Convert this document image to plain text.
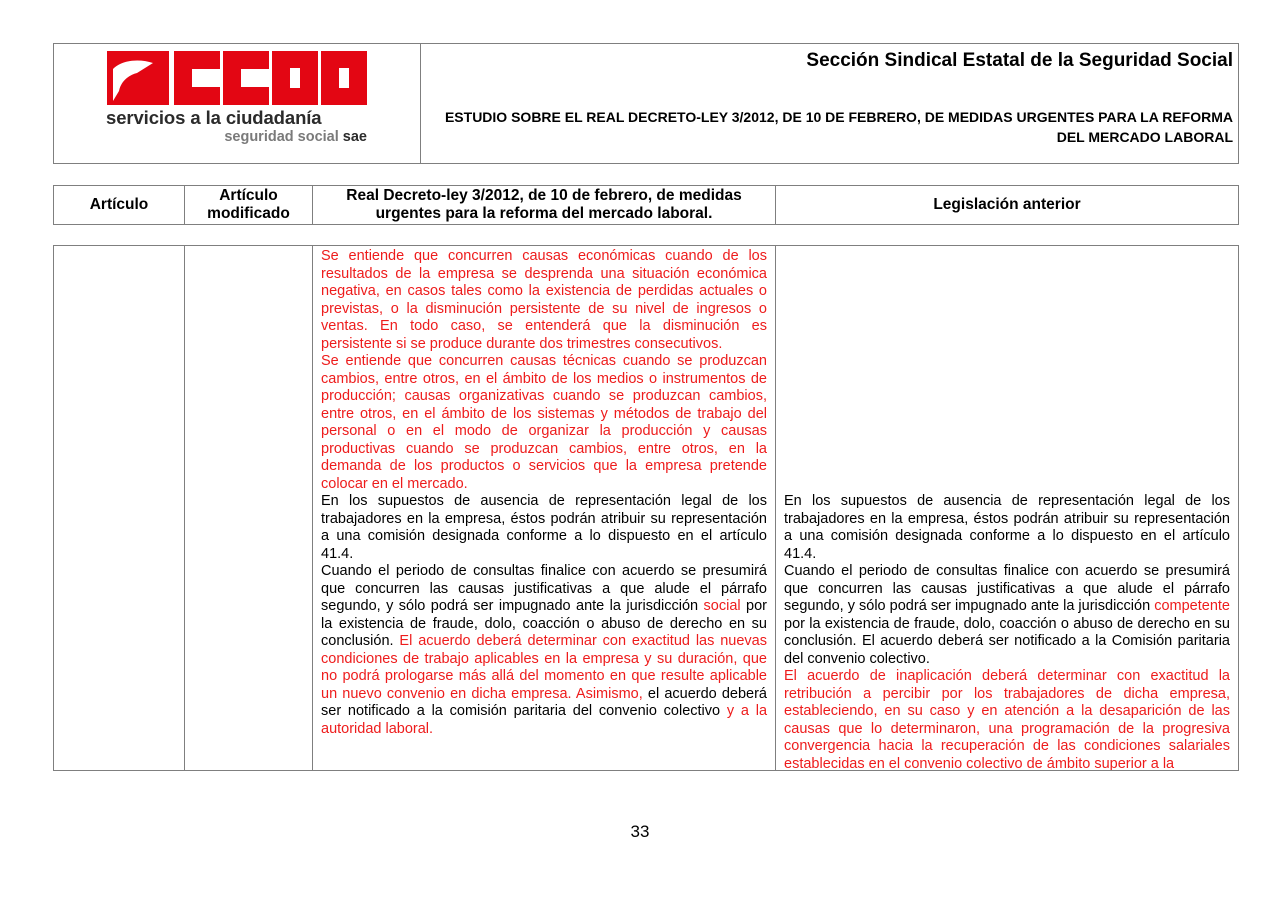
servicios a la ciudadanía
seguridad social sae
Sección Sindical Estatal de la Seguridad Social
ESTUDIO SOBRE EL REAL DECRETO-LEY 3/2012, DE 10 DE FEBRERO, DE MEDIDAS URGENTES PARA LA REFORMA DEL MERCADO LABORAL
Artículo
Artículo modificado
Real Decreto-ley 3/2012, de 10 de febrero, de medidas urgentes para la reforma del mercado laboral.
Legislación anterior

Se entiende que concurren causas económicas cuando de los resultados de la empresa se desprenda una situación económica negativa, en casos tales como la existencia de perdidas actuales o previstas, o la disminución persistente de su nivel de ingresos o ventas. En todo caso, se entenderá que la disminución es persistente si se produce durante dos trimestres consecutivos.

Se entiende que concurren causas técnicas cuando se produzcan cambios, entre otros, en el ámbito de los medios o instrumentos de producción; causas organizativas cuando se produzcan cambios, entre otros, en el ámbito de los sistemas y métodos de trabajo del personal o en el modo de organizar la producción y causas productivas cuando se produzcan cambios, entre otros, en la demanda de los productos o servicios que la empresa pretende colocar en el mercado.

En los supuestos de ausencia de representación legal de los trabajadores en la empresa, éstos podrán atribuir su representación a una comisión designada conforme a lo dispuesto en el artículo 41.4.

Cuando el periodo de consultas finalice con acuerdo se presumirá que concurren las causas justificativas a que alude el párrafo segundo, y sólo podrá ser impugnado ante la jurisdicción social por la existencia de fraude, dolo, coacción o abuso de derecho en su conclusión. El acuerdo deberá determinar con exactitud las nuevas condiciones de trabajo aplicables en la empresa y su duración, que no podrá prologarse más allá del momento en que resulte aplicable un nuevo convenio en dicha empresa. Asimismo, el acuerdo deberá ser notificado a la comisión paritaria del convenio colectivo y a la autoridad laboral.

En los supuestos de ausencia de representación legal de los trabajadores en la empresa, éstos podrán atribuir su representación a una comisión designada conforme a lo dispuesto en el artículo 41.4.

Cuando el periodo de consultas finalice con acuerdo se presumirá que concurren las causas justificativas a que alude el párrafo segundo, y sólo podrá ser impugnado ante la jurisdicción competente por la existencia de fraude, dolo, coacción o abuso de derecho en su conclusión. El acuerdo deberá ser notificado a la Comisión paritaria del convenio colectivo.

El acuerdo de inaplicación deberá determinar con exactitud la retribución a percibir por los trabajadores de dicha empresa, estableciendo, en su caso y en atención a la desaparición de las causas que lo determinaron, una programación de la progresiva convergencia hacia la recuperación de las condiciones salariales establecidas en el convenio colectivo de ámbito superior a la

33
